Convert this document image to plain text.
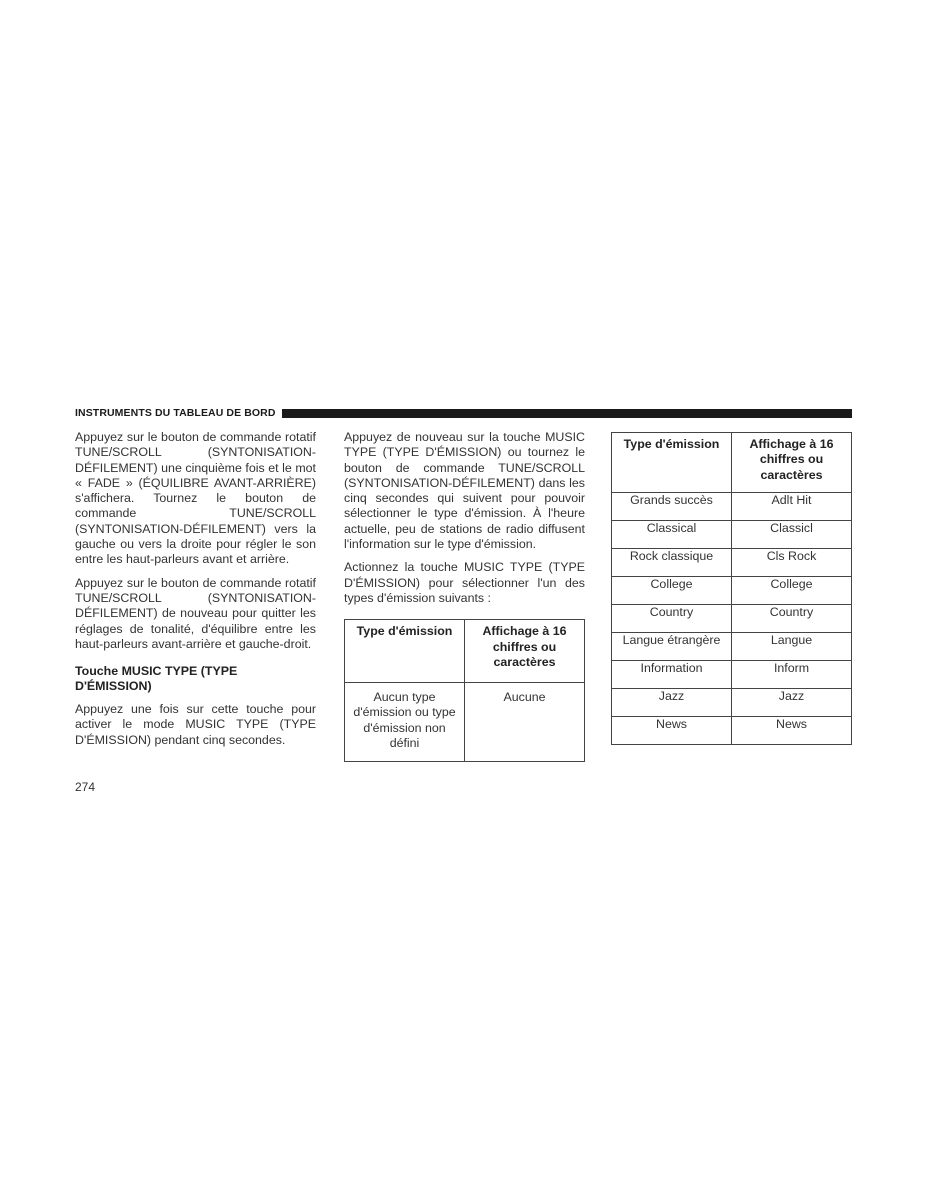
INSTRUMENTS DU TABLEAU DE BORD

Appuyez sur le bouton de commande rotatif TUNE/SCROLL (SYNTONISATION-DÉFILEMENT) une cinquième fois et le mot « FADE » (ÉQUILIBRE AVANT-ARRIÈRE) s'affichera. Tournez le bouton de commande TUNE/SCROLL (SYNTONISATION-DÉFILEMENT) vers la gauche ou vers la droite pour régler le son entre les haut-parleurs avant et arrière.

Appuyez sur le bouton de commande rotatif TUNE/SCROLL (SYNTONISATION-DÉFILEMENT) de nouveau pour quitter les réglages de tonalité, d'équilibre entre les haut-parleurs avant-arrière et gauche-droit.

Touche MUSIC TYPE (TYPE D'ÉMISSION)

Appuyez une fois sur cette touche pour activer le mode MUSIC TYPE (TYPE D'ÉMISSION) pendant cinq secondes.

Appuyez de nouveau sur la touche MUSIC TYPE (TYPE D'ÉMISSION) ou tournez le bouton de commande TUNE/SCROLL (SYNTONISATION-DÉFILEMENT) dans les cinq secondes qui suivent pour pouvoir sélectionner le type d'émission. À l'heure actuelle, peu de stations de radio diffusent l'information sur le type d'émission.

Actionnez la touche MUSIC TYPE (TYPE D'ÉMISSION) pour sélectionner l'un des types d'émission suivants :

Type d'émission	Affichage à 16 chiffres ou caractères
Aucun type d'émission ou type d'émission non défini	Aucune
Type d'émission	Affichage à 16 chiffres ou caractères
Grands succès	Adlt Hit
Classical	Classicl
Rock classique	Cls Rock
College	College
Country	Country
Langue étrangère	Langue
Information	Inform
Jazz	Jazz
News	News
274
